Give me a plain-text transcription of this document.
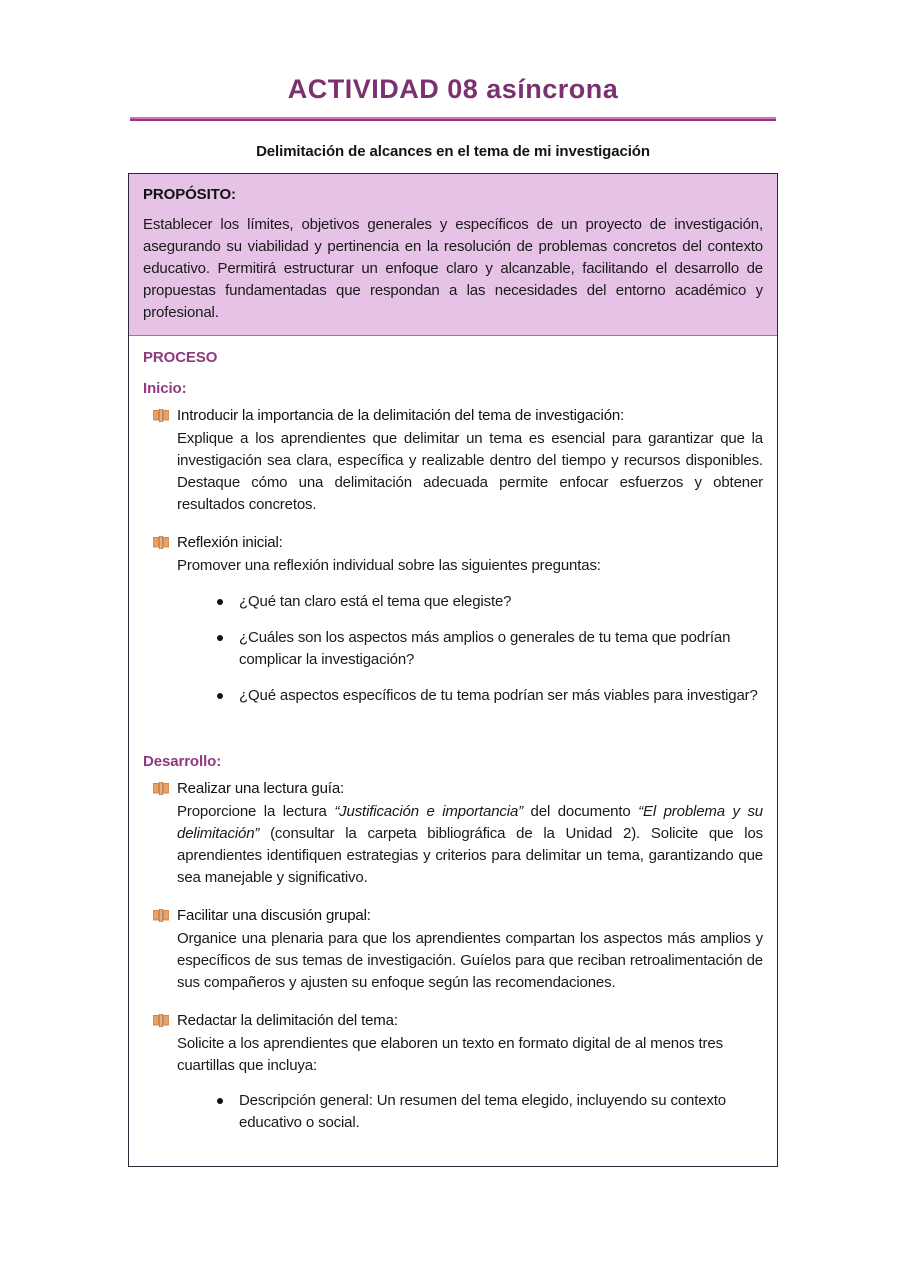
ACTIVIDAD 08 asíncrona
Delimitación de alcances en el tema de mi investigación
PROPÓSITO:

Establecer los límites, objetivos generales y específicos de un proyecto de investigación, asegurando su viabilidad y pertinencia en la resolución de problemas concretos del contexto educativo. Permitirá estructurar un enfoque claro y alcanzable, facilitando el desarrollo de propuestas fundamentadas que respondan a las necesidades del entorno académico y profesional.

PROCESO
Inicio:

Introducir la importancia de la delimitación del tema de investigación:

Explique a los aprendientes que delimitar un tema es esencial para garantizar que la investigación sea clara, específica y realizable dentro del tiempo y recursos disponibles. Destaque cómo una delimitación adecuada permite enfocar esfuerzos y obtener resultados concretos.

Reflexión inicial:

Promover una reflexión individual sobre las siguientes preguntas:

¿Qué tan claro está el tema que elegiste?
¿Cuáles son los aspectos más amplios o generales de tu tema que podrían complicar la investigación?
¿Qué aspectos específicos de tu tema podrían ser más viables para investigar?
Desarrollo:

Realizar una lectura guía:

Proporcione la lectura “Justificación e importancia” del documento “El problema y su delimitación” (consultar la carpeta bibliográfica de la Unidad 2). Solicite que los aprendientes identifiquen estrategias y criterios para delimitar un tema, garantizando que sea manejable y significativo.

Facilitar una discusión grupal:

Organice una plenaria para que los aprendientes compartan los aspectos más amplios y específicos de sus temas de investigación. Guíelos para que reciban retroalimentación de sus compañeros y ajusten su enfoque según las recomendaciones.

Redactar la delimitación del tema:

Solicite a los aprendientes que elaboren un texto en formato digital de al menos tres cuartillas que incluya:

Descripción general: Un resumen del tema elegido, incluyendo su contexto educativo o social.
